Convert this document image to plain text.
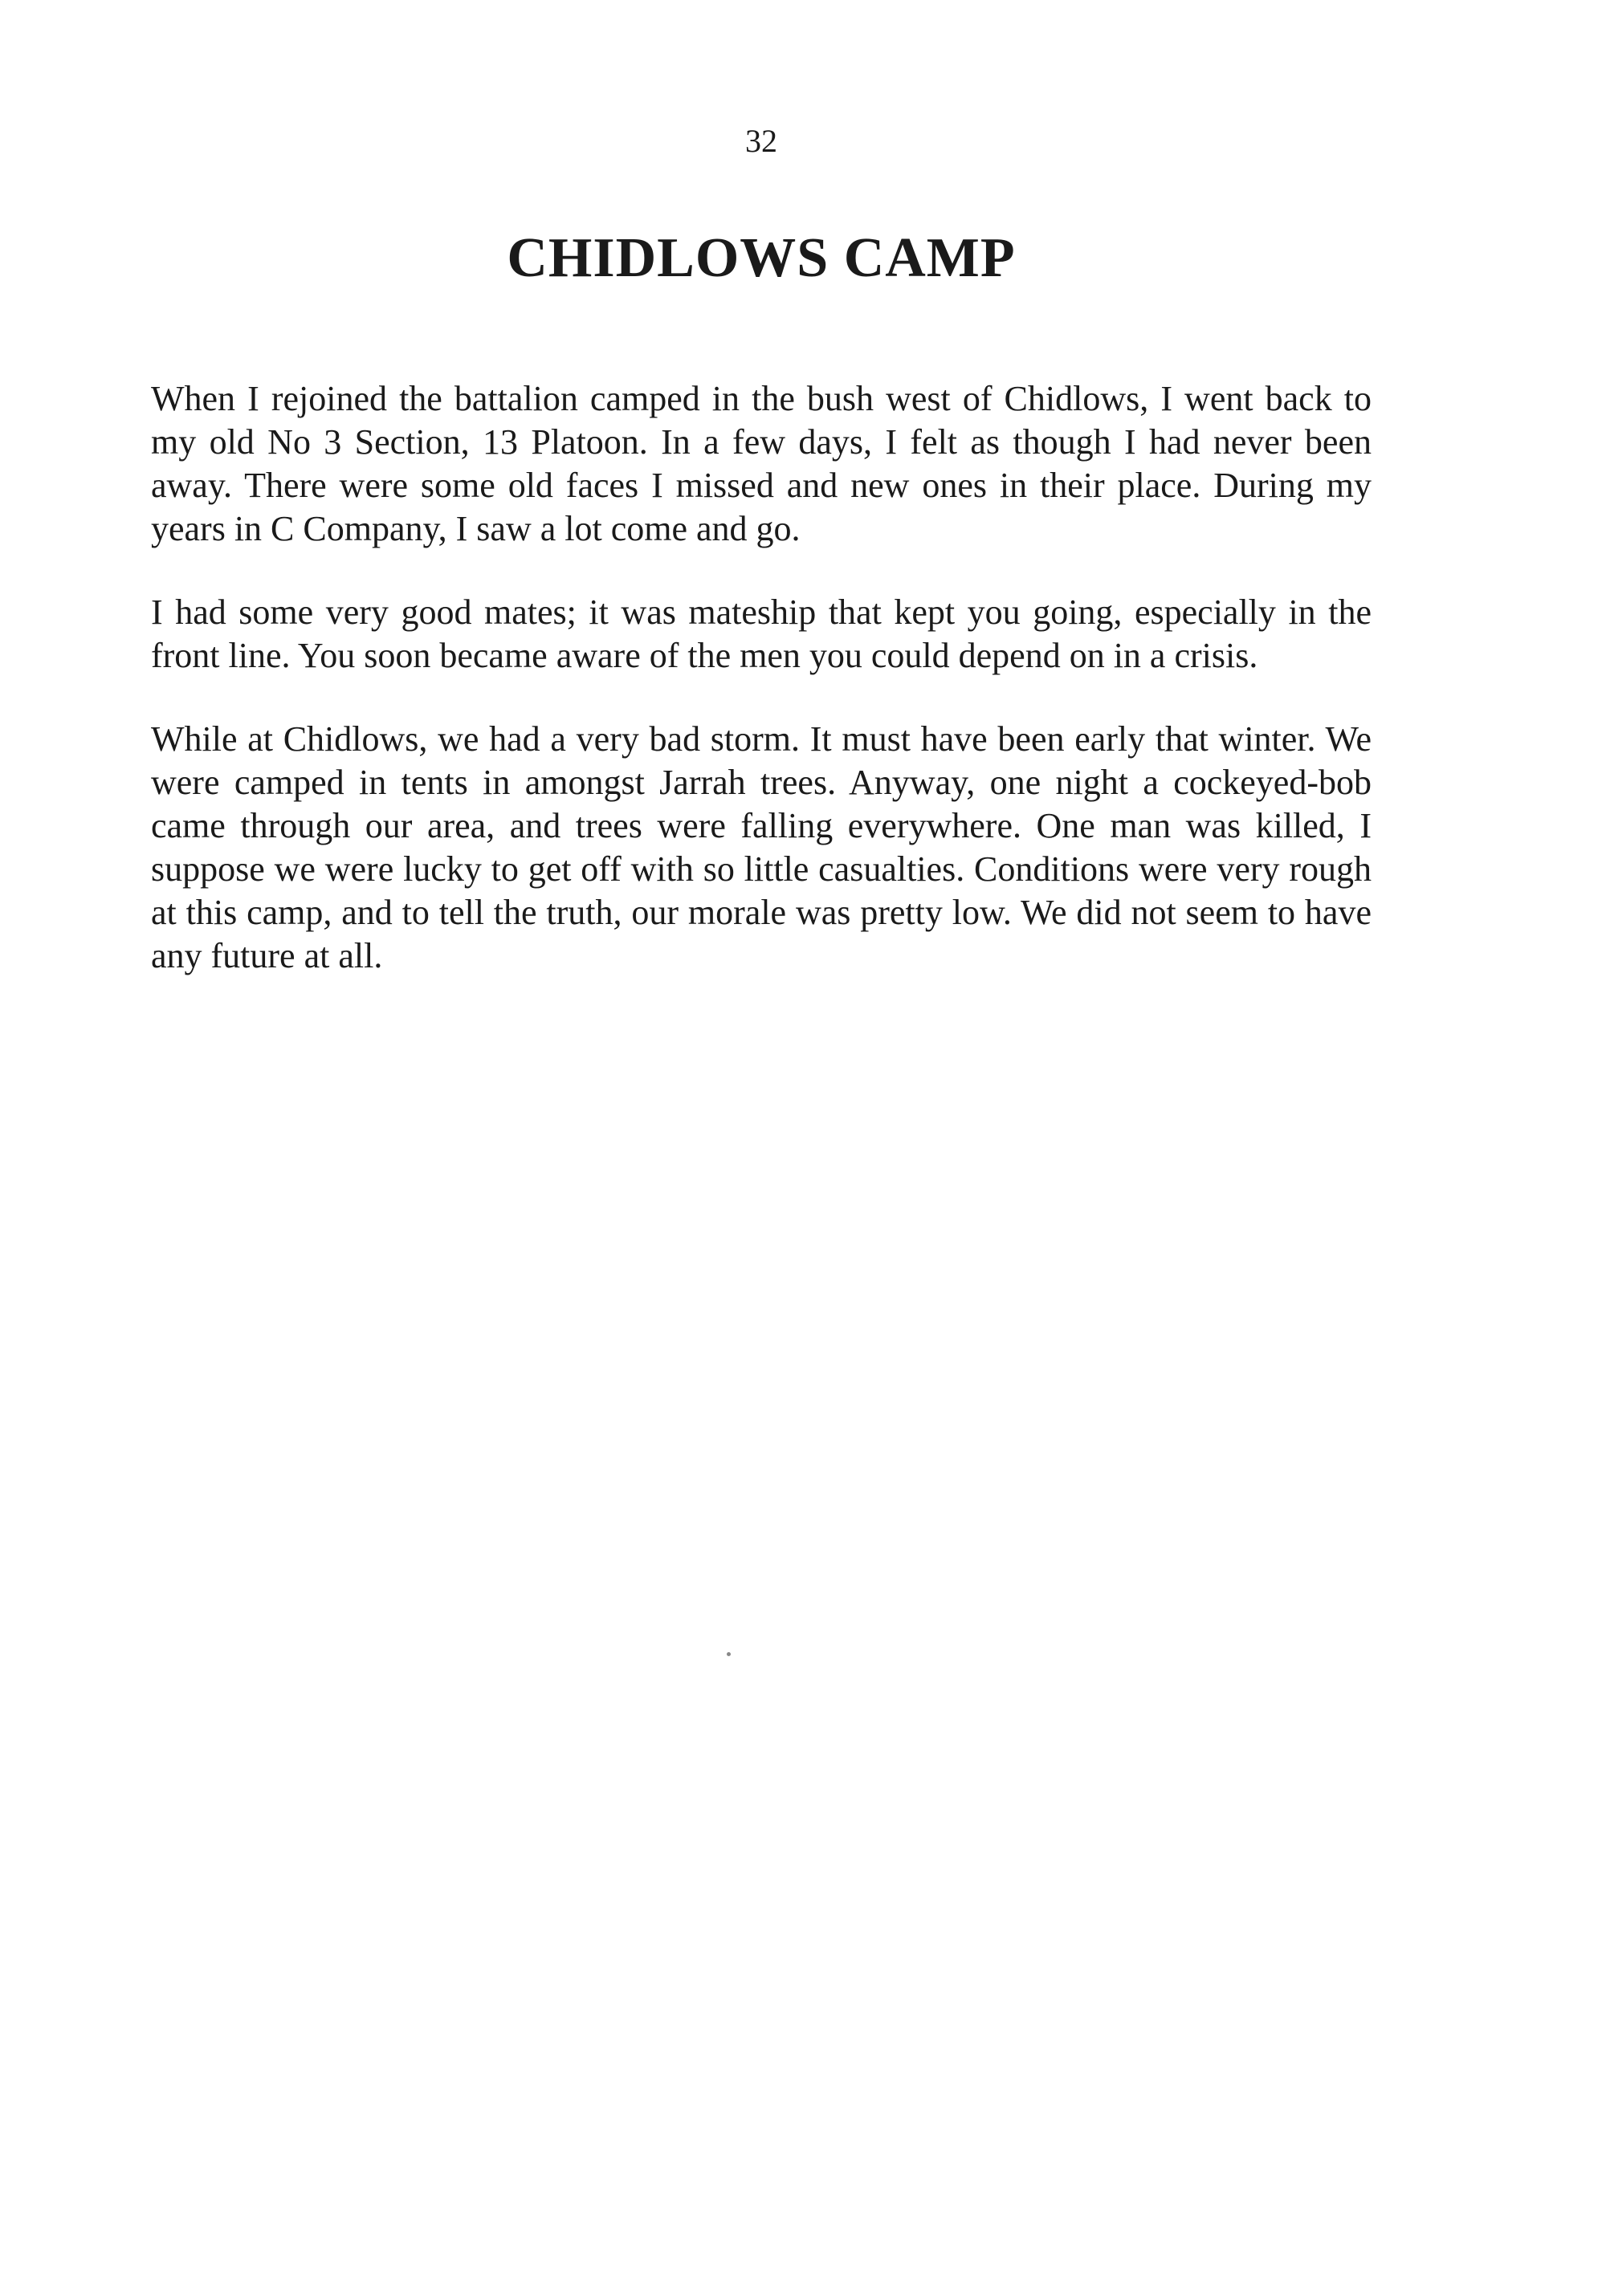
32
CHIDLOWS CAMP

When I rejoined the battalion camped in the bush west of Chidlows, I went back to my old No 3 Section, 13 Platoon. In a few days, I felt as though I had never been away. There were some old faces I missed and new ones in their place. During my years in C Company, I saw a lot come and go.

I had some very good mates; it was mateship that kept you going, especially in the front line. You soon became aware of the men you could depend on in a crisis.

While at Chidlows, we had a very bad storm. It must have been early that winter. We were camped in tents in amongst Jarrah trees. Anyway, one night a cockeyed-bob came through our area, and trees were falling everywhere. One man was killed, I suppose we were lucky to get off with so little casualties. Conditions were very rough at this camp, and to tell the truth, our morale was pretty low. We did not seem to have any future at all.
